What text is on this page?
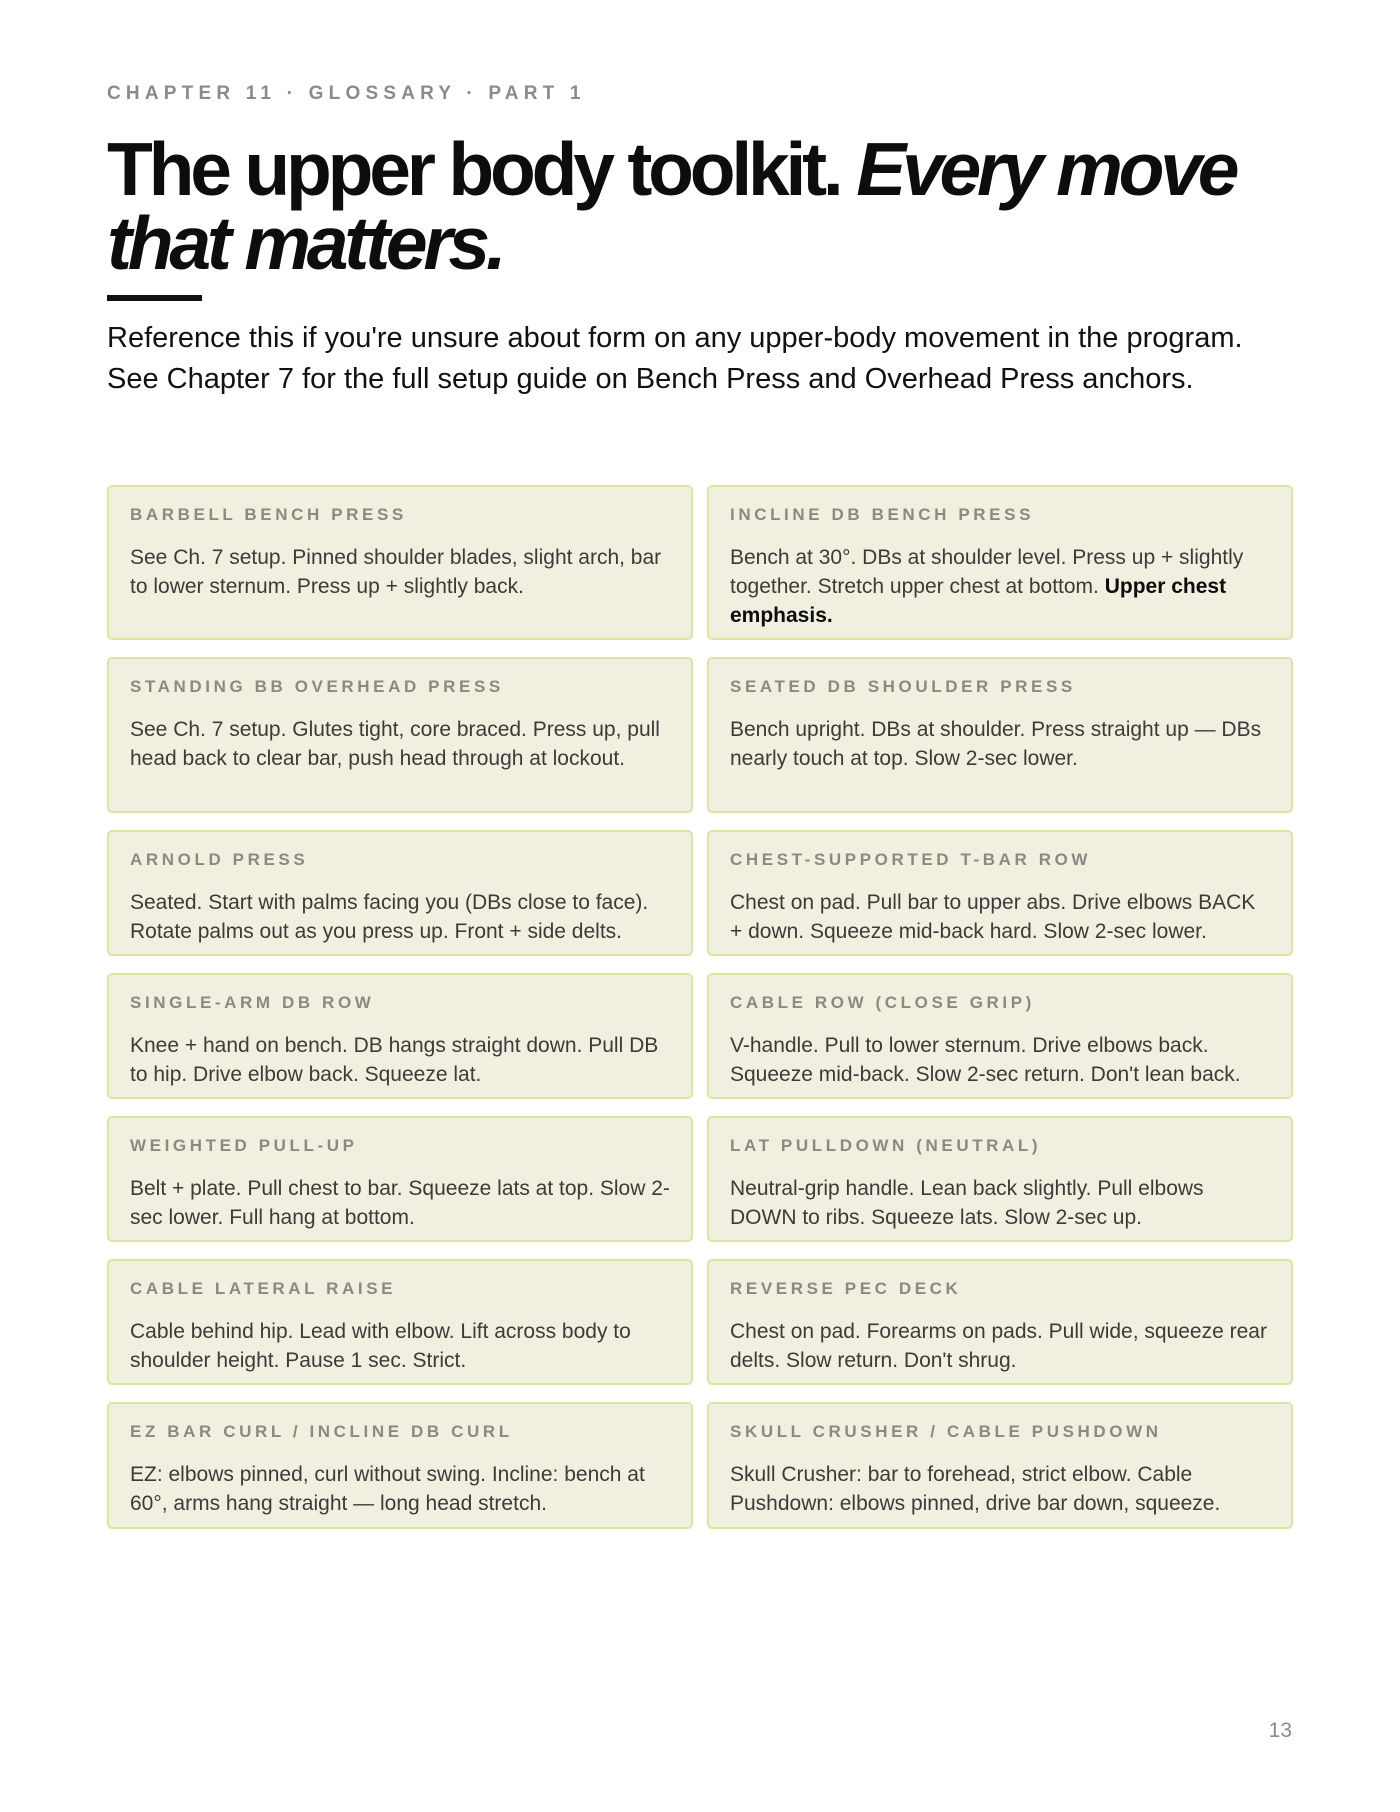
CHAPTER 11 · GLOSSARY · PART 1
The upper body toolkit. Every move that matters.

Reference this if you're unsure about form on any upper-body movement in the program. See Chapter 7 for the full setup guide on Bench Press and Overhead Press anchors.

BARBELL BENCH PRESS
See Ch. 7 setup. Pinned shoulder blades, slight arch, bar to lower sternum. Press up + slightly back.
INCLINE DB BENCH PRESS
Bench at 30°. DBs at shoulder level. Press up + slightly together. Stretch upper chest at bottom. Upper chest emphasis.
STANDING BB OVERHEAD PRESS
See Ch. 7 setup. Glutes tight, core braced. Press up, pull head back to clear bar, push head through at lockout.
SEATED DB SHOULDER PRESS
Bench upright. DBs at shoulder. Press straight up — DBs nearly touch at top. Slow 2-sec lower.
ARNOLD PRESS
Seated. Start with palms facing you (DBs close to face). Rotate palms out as you press up. Front + side delts.
CHEST-SUPPORTED T-BAR ROW
Chest on pad. Pull bar to upper abs. Drive elbows BACK + down. Squeeze mid-back hard. Slow 2-sec lower.
SINGLE-ARM DB ROW
Knee + hand on bench. DB hangs straight down. Pull DB to hip. Drive elbow back. Squeeze lat.
CABLE ROW (CLOSE GRIP)
V-handle. Pull to lower sternum. Drive elbows back. Squeeze mid-back. Slow 2-sec return. Don't lean back.
WEIGHTED PULL-UP
Belt + plate. Pull chest to bar. Squeeze lats at top. Slow 2-sec lower. Full hang at bottom.
LAT PULLDOWN (NEUTRAL)
Neutral-grip handle. Lean back slightly. Pull elbows DOWN to ribs. Squeeze lats. Slow 2-sec up.
CABLE LATERAL RAISE
Cable behind hip. Lead with elbow. Lift across body to shoulder height. Pause 1 sec. Strict.
REVERSE PEC DECK
Chest on pad. Forearms on pads. Pull wide, squeeze rear delts. Slow return. Don't shrug.
EZ BAR CURL / INCLINE DB CURL
EZ: elbows pinned, curl without swing. Incline: bench at 60°, arms hang straight — long head stretch.
SKULL CRUSHER / CABLE PUSHDOWN
Skull Crusher: bar to forehead, strict elbow. Cable Pushdown: elbows pinned, drive bar down, squeeze.
13
